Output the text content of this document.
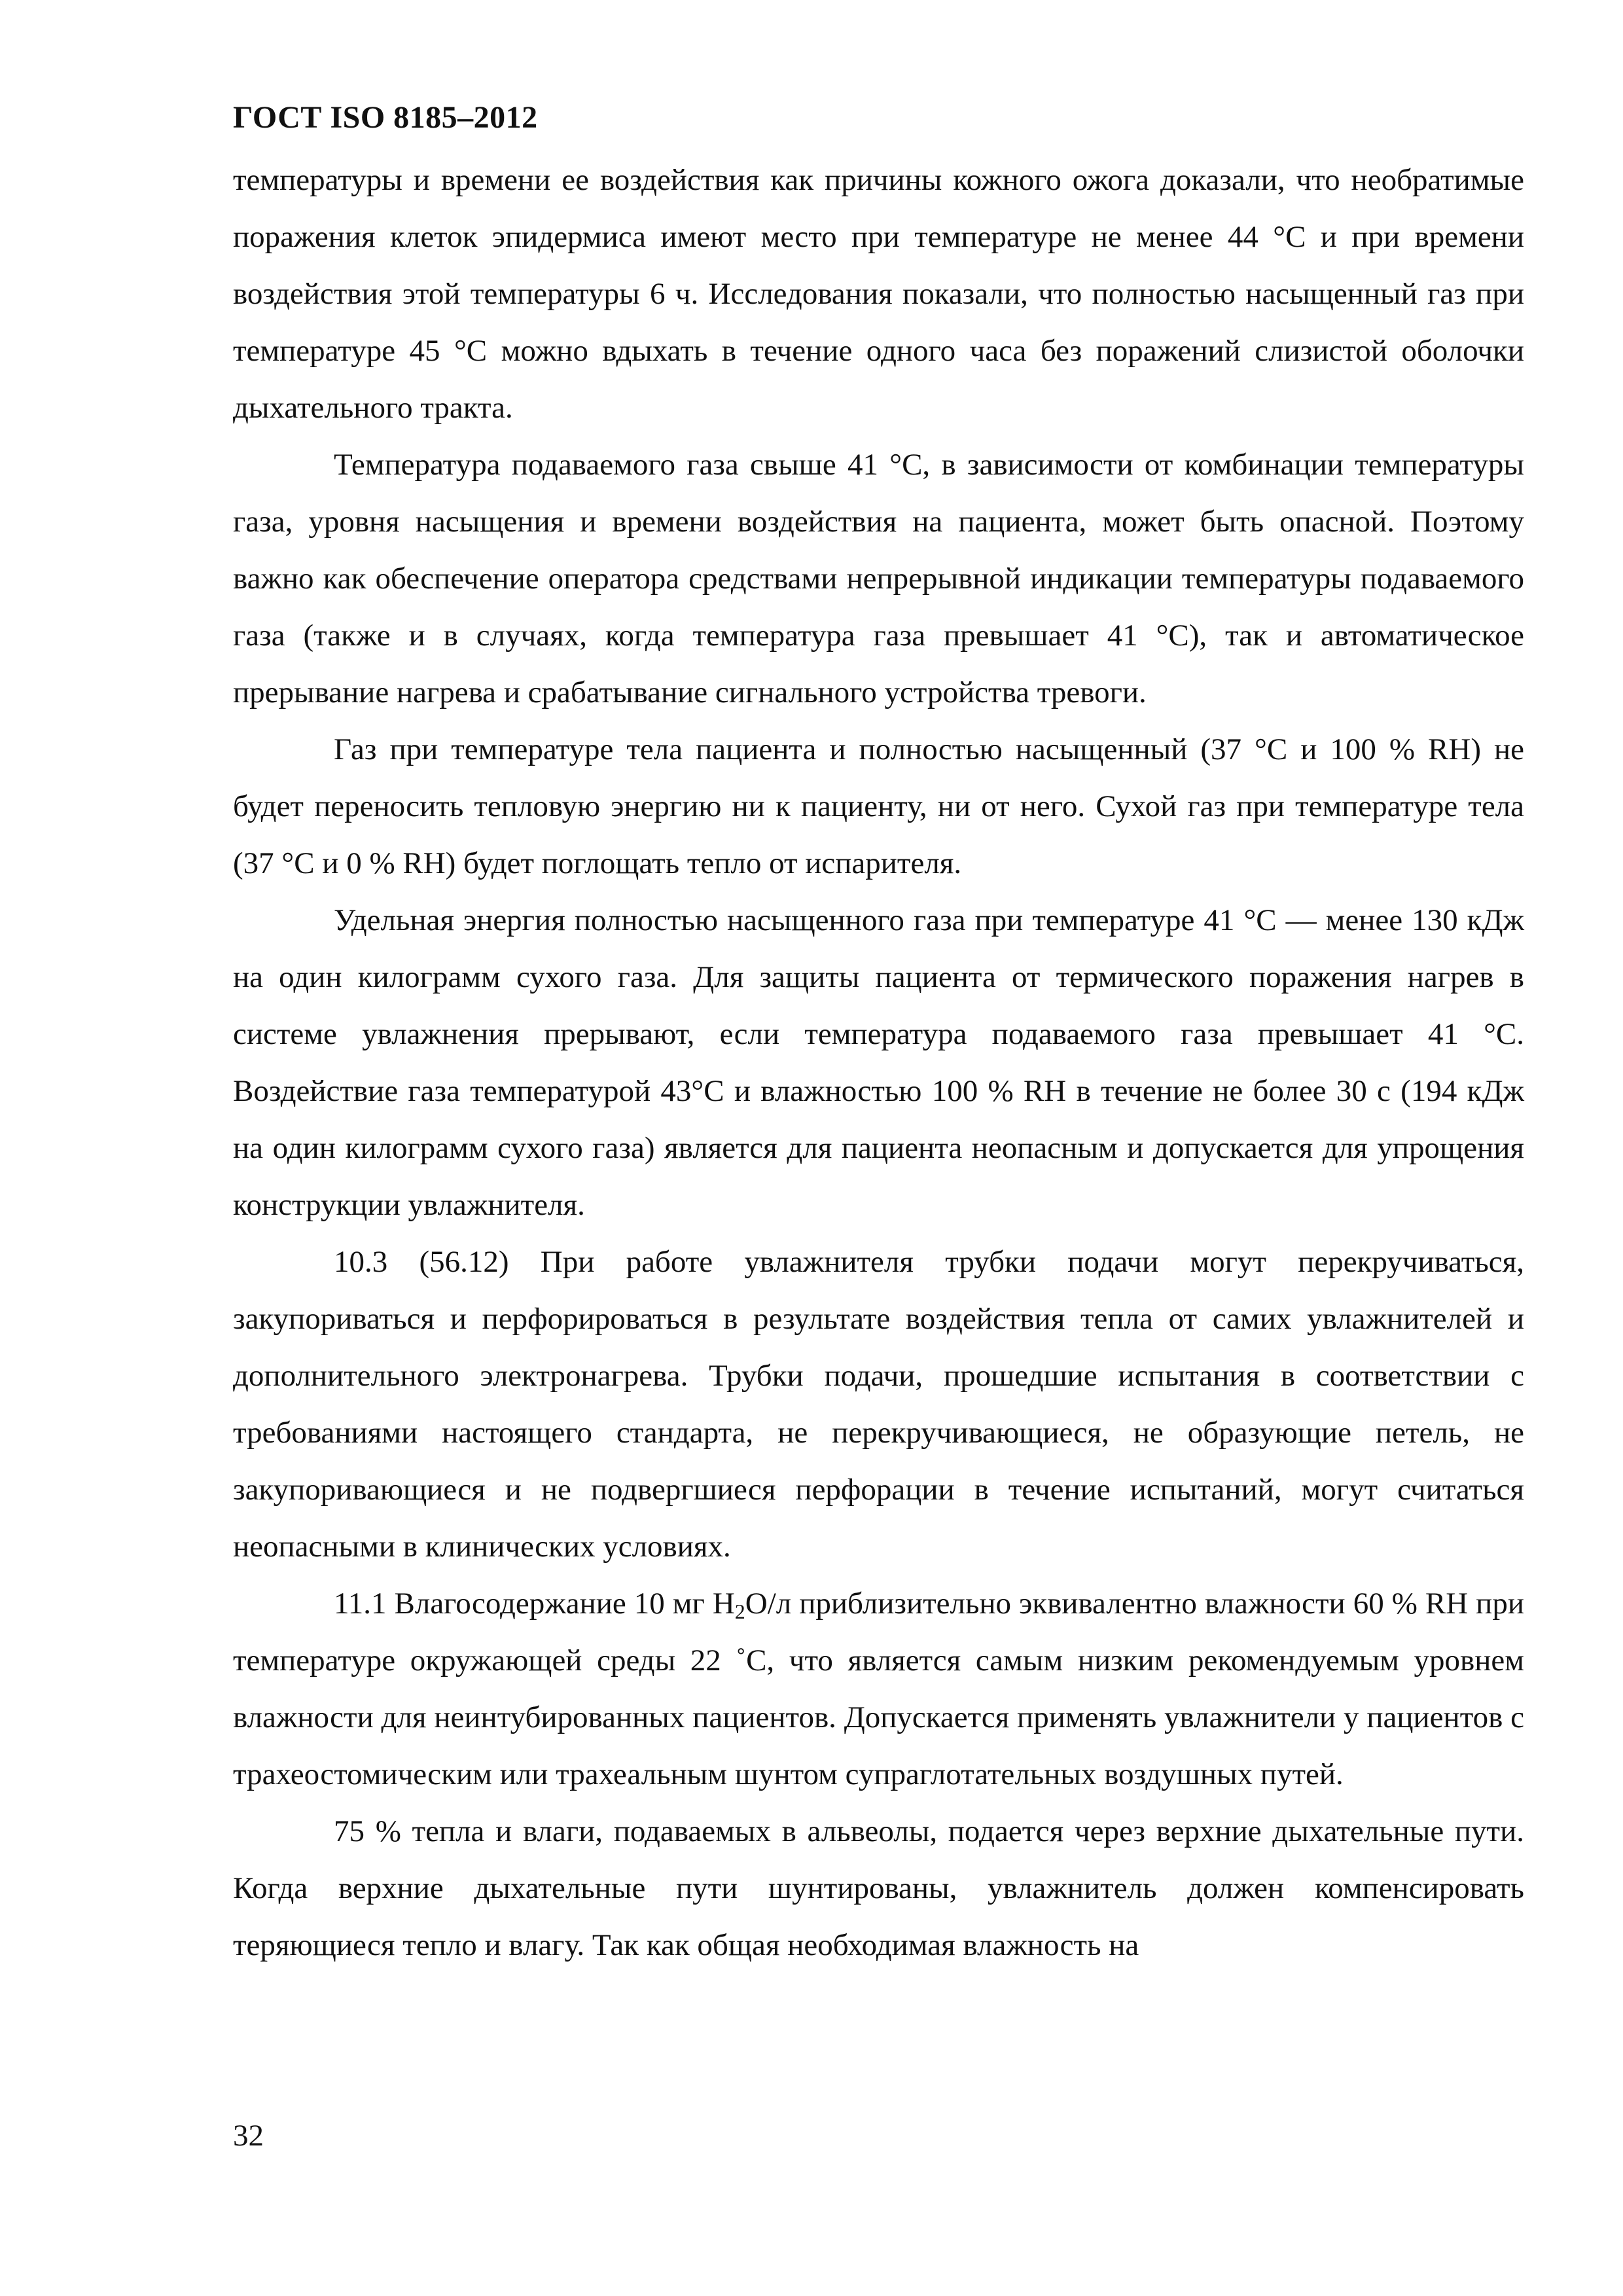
ГОСТ ISO 8185–2012

температуры и времени ее воздействия как причины кожного ожога доказали, что необратимые поражения клеток эпидермиса имеют место при температуре не менее 44 °С и при времени воздействия этой температуры 6 ч. Исследования показали, что полностью насыщенный газ при температуре 45 °С можно вдыхать в течение одного часа без поражений слизистой оболочки дыхательного тракта.

Температура подаваемого газа свыше 41 °С, в зависимости от комбинации температуры газа, уровня насыщения и времени воздействия на пациента, может быть опасной. Поэтому важно как обеспечение оператора средствами непрерывной индикации температуры подаваемого газа (также и в случаях, когда температура газа превышает 41 °С), так и автоматическое прерывание нагрева и срабатывание сигнального устройства тревоги.

Газ при температуре тела пациента и полностью насыщенный (37 °С и 100 % RH) не будет переносить тепловую энергию ни к пациенту, ни от него. Сухой газ при температуре тела (37 °С и 0 % RH) будет поглощать тепло от испарителя.

Удельная энергия полностью насыщенного газа при температуре 41 °С — менее 130 кДж на один килограмм сухого газа. Для защиты пациента от термического поражения нагрев в системе увлажнения прерывают, если температура подаваемого газа превышает 41 °С. Воздействие газа температурой 43°С и влажностью 100 % RH в течение не более 30 с (194 кДж на один килограмм сухого газа) является для пациента неопасным и допускается для упрощения конструкции увлажнителя.

10.3 (56.12) При работе увлажнителя трубки подачи могут перекручиваться, закупориваться и перфорироваться в результате воздействия тепла от самих увлажнителей и дополнительного электронагрева. Трубки подачи, прошедшие испытания в соответствии с требованиями настоящего стандарта, не перекручивающиеся, не образующие петель, не закупоривающиеся и не подвергшиеся перфорации в течение испытаний, могут считаться неопасными в клинических условиях.

11.1 Влагосодержание 10 мг $H_2O/л$ приблизительно эквивалентно влажности 60 % RH при температуре окружающей среды 22 ˚С, что является самым низким рекомендуемым уровнем влажности для неинтубированных пациентов. Допускается применять увлажнители у пациентов с трахеостомическим или трахеальным шунтом супраглотательных воздушных путей.

75 % тепла и влаги, подаваемых в альвеолы, подается через верхние дыхательные пути. Когда верхние дыхательные пути шунтированы, увлажнитель должен компенсировать теряющиеся тепло и влагу. Так как общая необходимая влажность на

32
